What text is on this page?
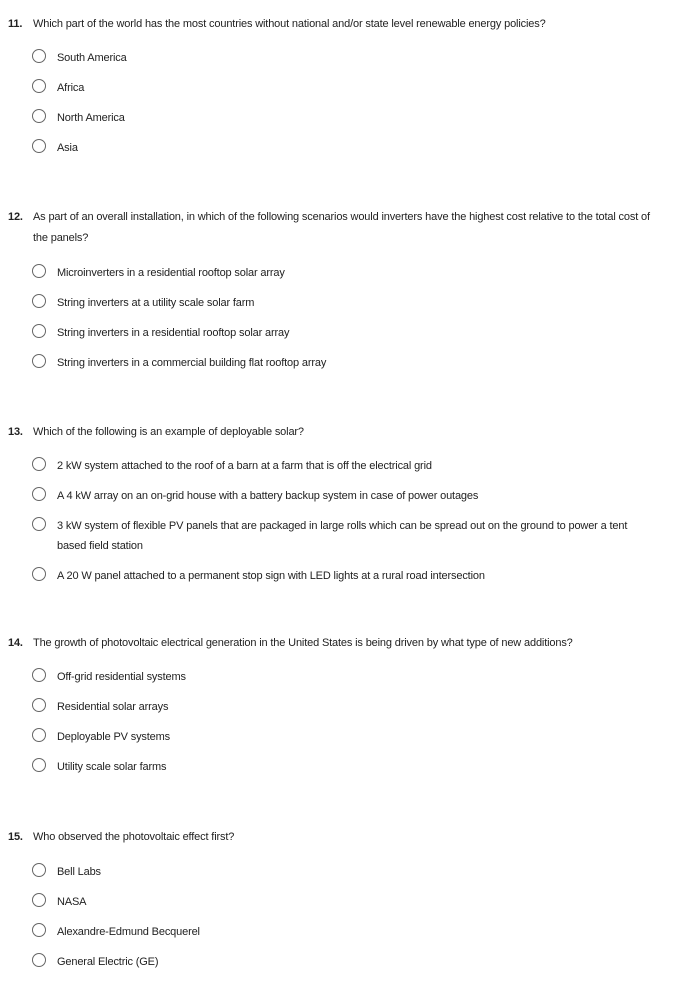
11. Which part of the world has the most countries without national and/or state level renewable energy policies?
South America
Africa
North America
Asia
12. As part of an overall installation, in which of the following scenarios would inverters have the highest cost relative to the total cost of the panels?
Microinverters in a residential rooftop solar array
String inverters at a utility scale solar farm
String inverters in a residential rooftop solar array
String inverters in a commercial building flat rooftop array
13. Which of the following is an example of deployable solar?
2 kW system attached to the roof of a barn at a farm that is off the electrical grid
A 4 kW array on an on-grid house with a battery backup system in case of power outages
3 kW system of flexible PV panels that are packaged in large rolls which can be spread out on the ground to power a tent based field station
A 20 W panel attached to a permanent stop sign with LED lights at a rural road intersection
14. The growth of photovoltaic electrical generation in the United States is being driven by what type of new additions?
Off-grid residential systems
Residential solar arrays
Deployable PV systems
Utility scale solar farms
15. Who observed the photovoltaic effect first?
Bell Labs
NASA
Alexandre-Edmund Becquerel
General Electric (GE)
